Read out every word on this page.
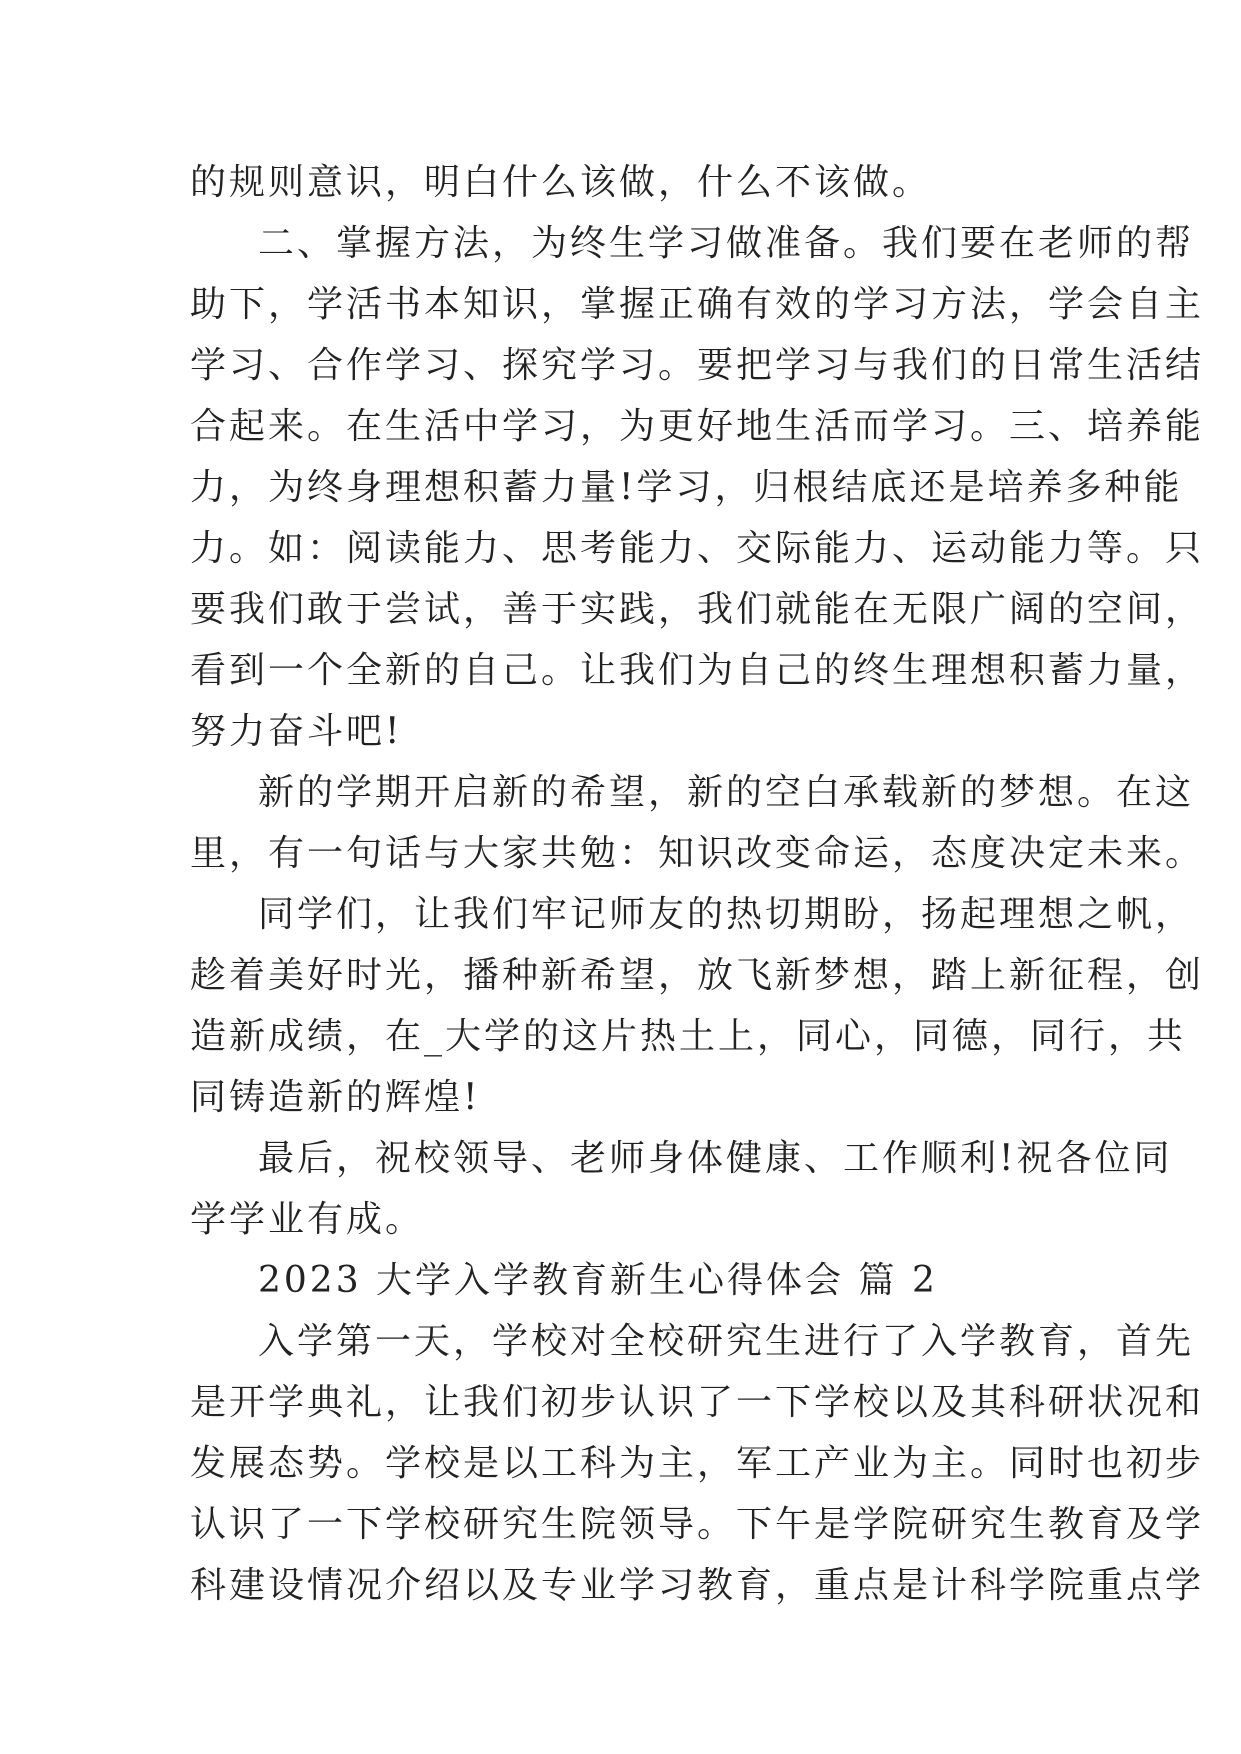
的规则意识，明白什么该做，什么不该做。
二、掌握方法，为终生学习做准备。我们要在老师的帮
助下，学活书本知识，掌握正确有效的学习方法，学会自主
学习、合作学习、探究学习。要把学习与我们的日常生活结
合起来。在生活中学习，为更好地生活而学习。三、培养能
力，为终身理想积蓄力量!学习，归根结底还是培养多种能
力。如：阅读能力、思考能力、交际能力、运动能力等。只
要我们敢于尝试，善于实践，我们就能在无限广阔的空间，
看到一个全新的自己。让我们为自己的终生理想积蓄力量，
努力奋斗吧!
新的学期开启新的希望，新的空白承载新的梦想。在这
里，有一句话与大家共勉：知识改变命运，态度决定未来。
同学们，让我们牢记师友的热切期盼，扬起理想之帆，
趁着美好时光，播种新希望，放飞新梦想，踏上新征程，创
造新成绩，在_大学的这片热土上，同心，同德，同行，共
同铸造新的辉煌!
最后，祝校领导、老师身体健康、工作顺利!祝各位同
学学业有成。
2023 大学入学教育新生心得体会 篇 2
入学第一天，学校对全校研究生进行了入学教育，首先
是开学典礼，让我们初步认识了一下学校以及其科研状况和
发展态势。学校是以工科为主，军工产业为主。同时也初步
认识了一下学校研究生院领导。下午是学院研究生教育及学
科建设情况介绍以及专业学习教育，重点是计科学院重点学
